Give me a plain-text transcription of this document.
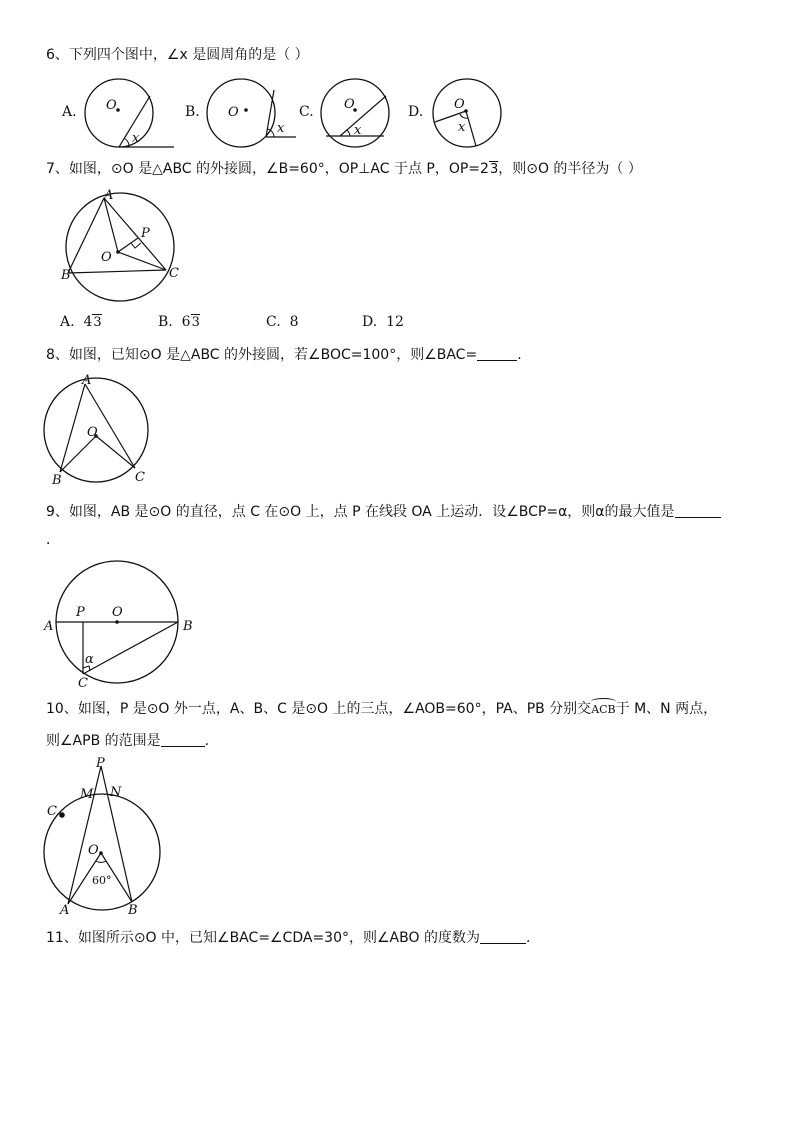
6、下列四个图中，∠x 是圆周角的是（ ）
A. O
x
B. O
x
C. O
x
D. O
x
7、如图，⊙O 是△ABC 的外接圆，∠B=60°，OP⊥AC 于点 P，OP=23，则⊙O 的半径为（ ）
A
B	C
O
P
A. 43	B. 63	C. 8	D. 12
8、如图，已知⊙O 是△ABC 的外接圆，若∠BOC=100°，则∠BAC=	.
A
B	C
O
9、如图，AB 是⊙O 的直径，点 C 在⊙O 上，点 P 在线段 OA 上运动．设∠BCP=α，则α的最大值是
．
A	B
C
O
P
α
10、如图，P 是⊙O 外一点，A、B、C 是⊙O 上的三点，∠AOB=60°，PA、PB 分别交ACB于 M、N 两点，
则∠APB 的范围是	.
P
M N
C
O
A	B
60°
11、如图所示⊙O 中，已知∠BAC=∠CDA=30°，则∠ABO 的度数为	.
